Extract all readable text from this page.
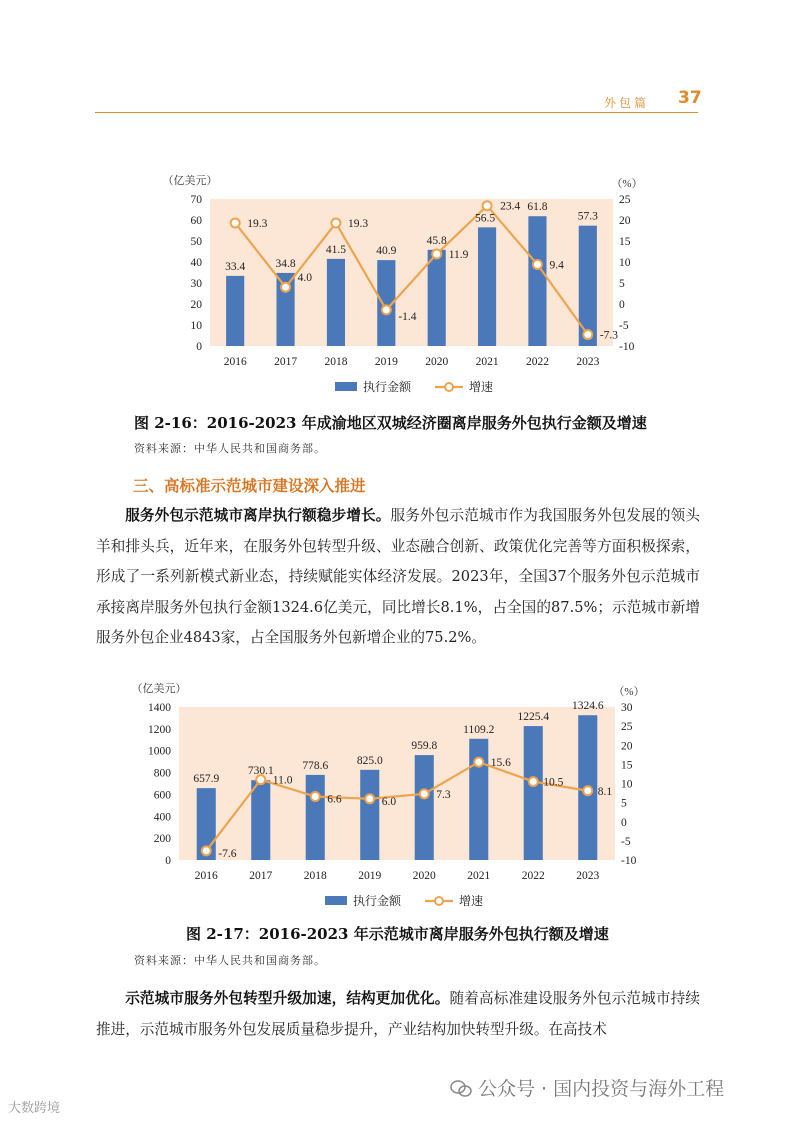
外包篇 37
（亿美元）	（%）
0
10
20
30
40
50
60
70
-10
-5
0
5
10
15
20
25
2016 2017 2018 2019 2020 2021 2022 2023
33.4	34.8
41.5	40.9
45.8
56.5
61.8
57.3
19.3
4.0
19.3
-1.4
11.9
23.4
9.4
-7.3
执行金额	增速
图 2-16：2016-2023 年成渝地区双城经济圈离岸服务外包执行金额及增速
资料来源：中华人民共和国商务部。
三、高标准示范城市建设深入推进

服务外包示范城市离岸执行额稳步增长。服务外包示范城市作为我国服务外包发展的领头羊和排头兵，近年来，在服务外包转型升级、业态融合创新、政策优化完善等方面积极探索，形成了一系列新模式新业态，持续赋能实体经济发展。2023年，全国37个服务外包示范城市承接离岸服务外包执行金额1324.6亿美元，同比增长8.1%，占全国的87.5%；示范城市新增服务外包企业4843家，占全国服务外包新增企业的75.2%。

（亿美元）	（%）
0
200
400
600
800
1000
1200
1400
-10
-5
0
5
10
15
20
25
30
2016	2017	2018	2019	2020	2021	2022	2023
657.9
730.1 778.6 825.0
959.8
1109.2
1225.4
1324.6
-7.6
11.0
6.6	6.0
7.3
15.6
10.5
8.1
执行金额	增速
图 2-17：2016-2023 年示范城市离岸服务外包执行额及增速
资料来源：中华人民共和国商务部。

示范城市服务外包转型升级加速，结构更加优化。随着高标准建设服务外包示范城市持续推进，示范城市服务外包发展质量稳步提升，产业结构加快转型升级。在高技术

公众号 · 国内投资与海外工程
大数跨境
